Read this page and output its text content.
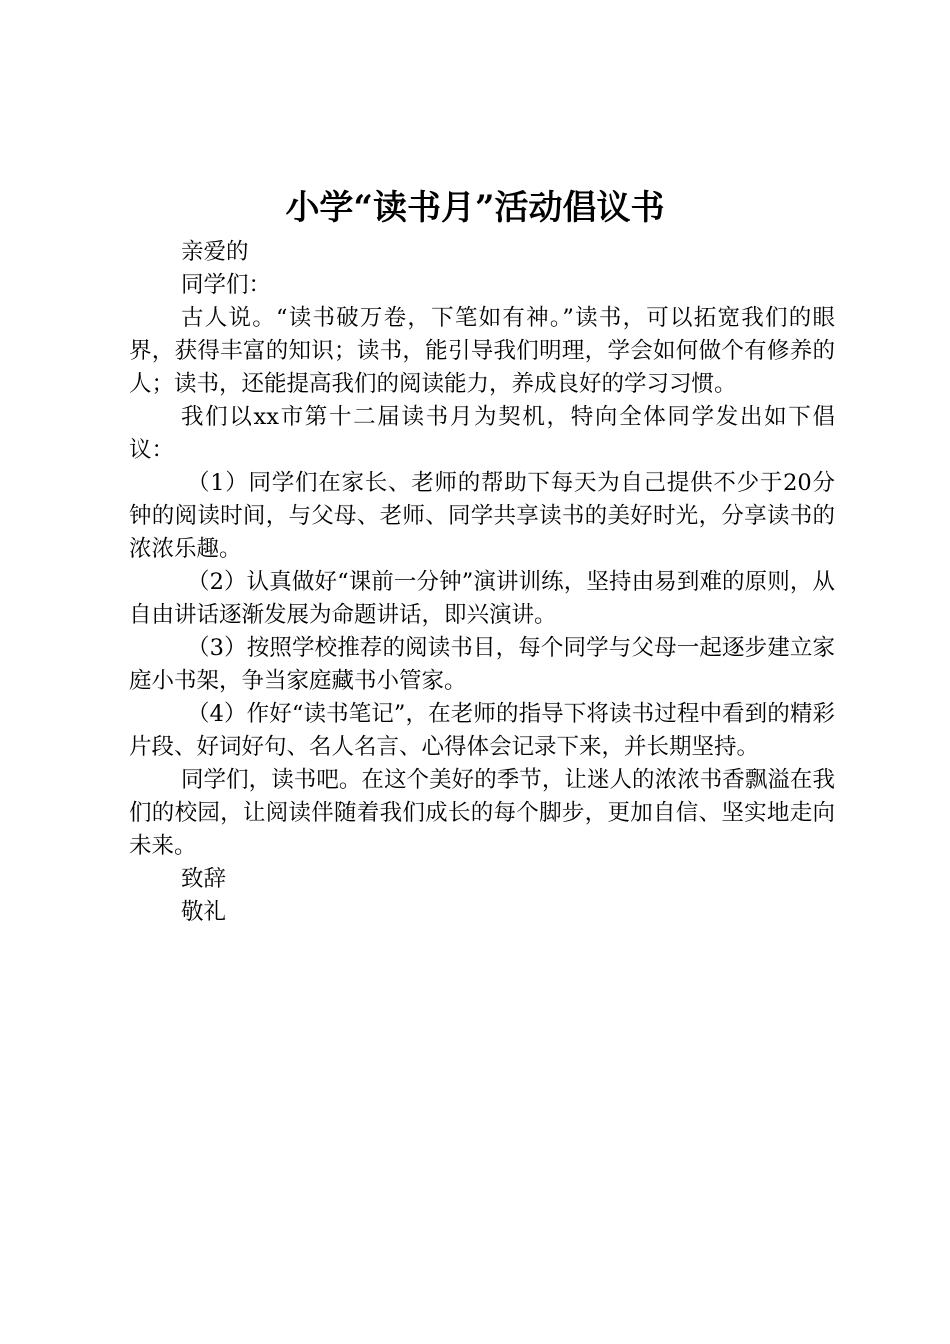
小学“读书月”活动倡议书

亲爱的

同学们：

古人说。“读书破万卷，下笔如有神。”读书，可以拓宽我们的眼界，获得丰富的知识；读书，能引导我们明理，学会如何做个有修养的人；读书，还能提高我们的阅读能力，养成良好的学习习惯。

我们以xx市第十二届读书月为契机，特向全体同学发出如下倡议：

（1）同学们在家长、老师的帮助下每天为自己提供不少于20分钟的阅读时间，与父母、老师、同学共享读书的美好时光，分享读书的浓浓乐趣。

（2）认真做好“课前一分钟”演讲训练，坚持由易到难的原则，从自由讲话逐渐发展为命题讲话，即兴演讲。

（3）按照学校推荐的阅读书目，每个同学与父母一起逐步建立家庭小书架，争当家庭藏书小管家。

（4）作好“读书笔记”，在老师的指导下将读书过程中看到的精彩片段、好词好句、名人名言、心得体会记录下来，并长期坚持。

同学们，读书吧。在这个美好的季节，让迷人的浓浓书香飘溢在我们的校园，让阅读伴随着我们成长的每个脚步，更加自信、坚实地走向未来。

致辞

敬礼
